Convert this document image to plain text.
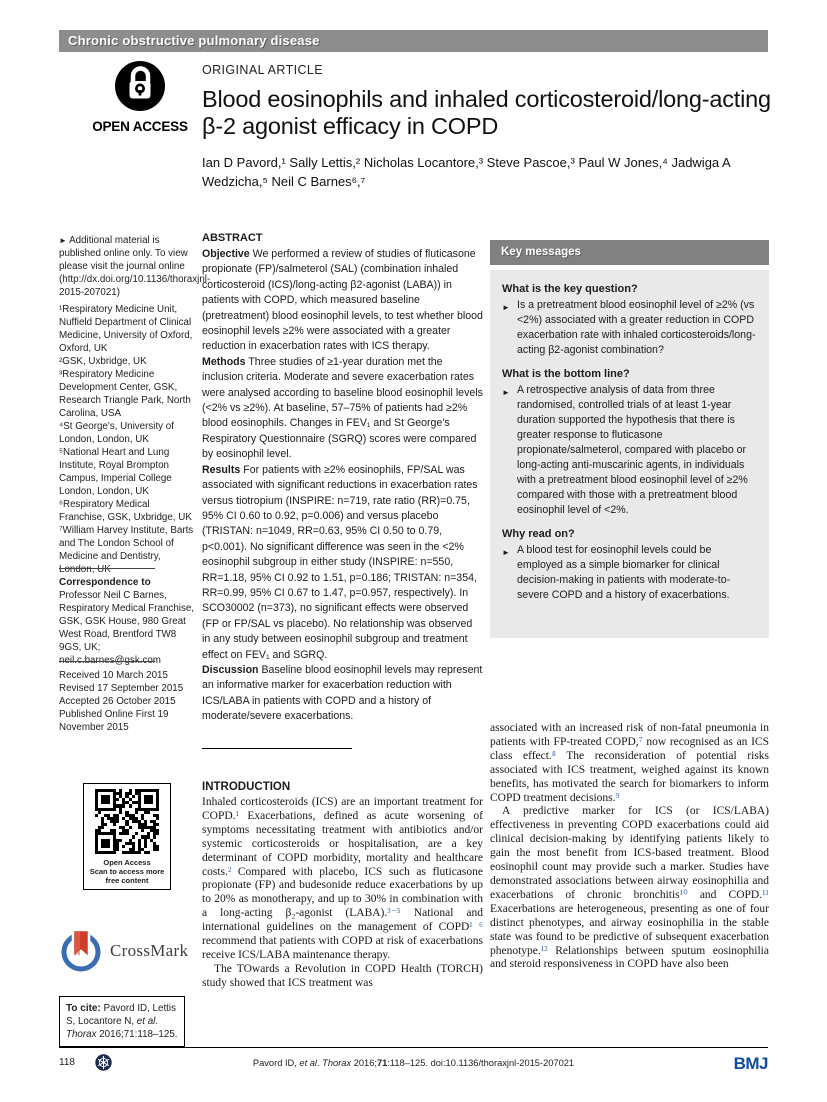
Chronic obstructive pulmonary disease
OPEN ACCESS
ORIGINAL ARTICLE
Blood eosinophils and inhaled corticosteroid/long-acting β-2 agonist efficacy in COPD
Ian D Pavord,¹ Sally Lettis,² Nicholas Locantore,³ Steve Pascoe,³ Paul W Jones,⁴ Jadwiga A Wedzicha,⁵ Neil C Barnes⁶,⁷
► Additional material is published online only. To view please visit the journal online (http://dx.doi.org/10.1136/thoraxjnl-2015-207021)
¹Respiratory Medicine Unit, Nuffield Department of Clinical Medicine, University of Oxford, Oxford, UK
²GSK, Uxbridge, UK
³Respiratory Medicine Development Center, GSK, Research Triangle Park, North Carolina, USA
⁴St George's, University of London, London, UK
⁵National Heart and Lung Institute, Royal Brompton Campus, Imperial College London, London, UK
⁶Respiratory Medical Franchise, GSK, Uxbridge, UK
⁷William Harvey Institute, Barts and The London School of Medicine and Dentistry, London, UK
Correspondence to
Professor Neil C Barnes, Respiratory Medical Franchise, GSK, GSK House, 980 Great West Road, Brentford TW8 9GS, UK; neil.c.barnes@gsk.com
Received 10 March 2015
Revised 17 September 2015
Accepted 26 October 2015
Published Online First 19 November 2015
Open Access
Scan to access more
free content
CrossMark
To cite: Pavord ID, Lettis S, Locantore N, et al. Thorax 2016;71:118–125.
ABSTRACT

Objective We performed a review of studies of fluticasone propionate (FP)/salmeterol (SAL) (combination inhaled corticosteroid (ICS)/long-acting β2-agonist (LABA)) in patients with COPD, which measured baseline (pretreatment) blood eosinophil levels, to test whether blood eosinophil levels ≥2% were associated with a greater reduction in exacerbation rates with ICS therapy.

Methods Three studies of ≥1-year duration met the inclusion criteria. Moderate and severe exacerbation rates were analysed according to baseline blood eosinophil levels (<2% vs ≥2%). At baseline, 57–75% of patients had ≥2% blood eosinophils. Changes in FEV₁ and St George's Respiratory Questionnaire (SGRQ) scores were compared by eosinophil level.

Results For patients with ≥2% eosinophils, FP/SAL was associated with significant reductions in exacerbation rates versus tiotropium (INSPIRE: n=719, rate ratio (RR)=0.75, 95% CI 0.60 to 0.92, p=0.006) and versus placebo (TRISTAN: n=1049, RR=0.63, 95% CI 0.50 to 0.79, p<0.001). No significant difference was seen in the <2% eosinophil subgroup in either study (INSPIRE: n=550, RR=1.18, 95% CI 0.92 to 1.51, p=0.186; TRISTAN: n=354, RR=0.99, 95% CI 0.67 to 1.47, p=0.957, respectively). In SCO30002 (n=373), no significant effects were observed (FP or FP/SAL vs placebo). No relationship was observed in any study between eosinophil subgroup and treatment effect on FEV₁ and SGRQ.

Discussion Baseline blood eosinophil levels may represent an informative marker for exacerbation reduction with ICS/LABA in patients with COPD and a history of moderate/severe exacerbations.

INTRODUCTION

Inhaled corticosteroids (ICS) are an important treatment for COPD.¹ Exacerbations, defined as acute worsening of symptoms necessitating treatment with antibiotics and/or systemic corticosteroids or hospitalisation, are a key determinant of COPD morbidity, mortality and healthcare costs.² Compared with placebo, ICS such as fluticasone propionate (FP) and budesonide reduce exacerbations by up to 20% as monotherapy, and up to 30% in combination with a long-acting β₂-agonist (LABA).³⁻⁵ National and international guidelines on the management of COPD¹ ⁶ recommend that patients with COPD at risk of exacerbations receive ICS/LABA maintenance therapy.

The TOwards a Revolution in COPD Health (TORCH) study showed that ICS treatment was

Key messages
What is the key question?
► Is a pretreatment blood eosinophil level of ≥2% (vs <2%) associated with a greater reduction in COPD exacerbation rate with inhaled corticosteroids/long-acting β2-agonist combination?
What is the bottom line?
► A retrospective analysis of data from three randomised, controlled trials of at least 1-year duration supported the hypothesis that there is greater response to fluticasone propionate/salmeterol, compared with placebo or long-acting anti-muscarinic agents, in individuals with a pretreatment blood eosinophil level of ≥2% compared with those with a pretreatment blood eosinophil level of <2%.
Why read on?
► A blood test for eosinophil levels could be employed as a simple biomarker for clinical decision-making in patients with moderate-to-severe COPD and a history of exacerbations.

associated with an increased risk of non-fatal pneumonia in patients with FP-treated COPD,⁷ now recognised as an ICS class effect.⁸ The reconsideration of potential risks associated with ICS treatment, weighed against its known benefits, has motivated the search for biomarkers to inform COPD treatment decisions.⁹

A predictive marker for ICS (or ICS/LABA) effectiveness in preventing COPD exacerbations could aid clinical decision-making by identifying patients likely to gain the most benefit from ICS-based treatment. Blood eosinophil count may provide such a marker. Studies have demonstrated associations between airway eosinophilia and exacerbations of chronic bronchitis¹⁰ and COPD.¹¹ Exacerbations are heterogeneous, presenting as one of four distinct phenotypes, and airway eosinophilia in the stable state was found to be predictive of subsequent exacerbation phenotype.¹² Relationships between sputum eosinophilia and steroid responsiveness in COPD have also been

118	Pavord ID, et al. Thorax 2016;71:118–125. doi:10.1136/thoraxjnl-2015-207021	BMJ
